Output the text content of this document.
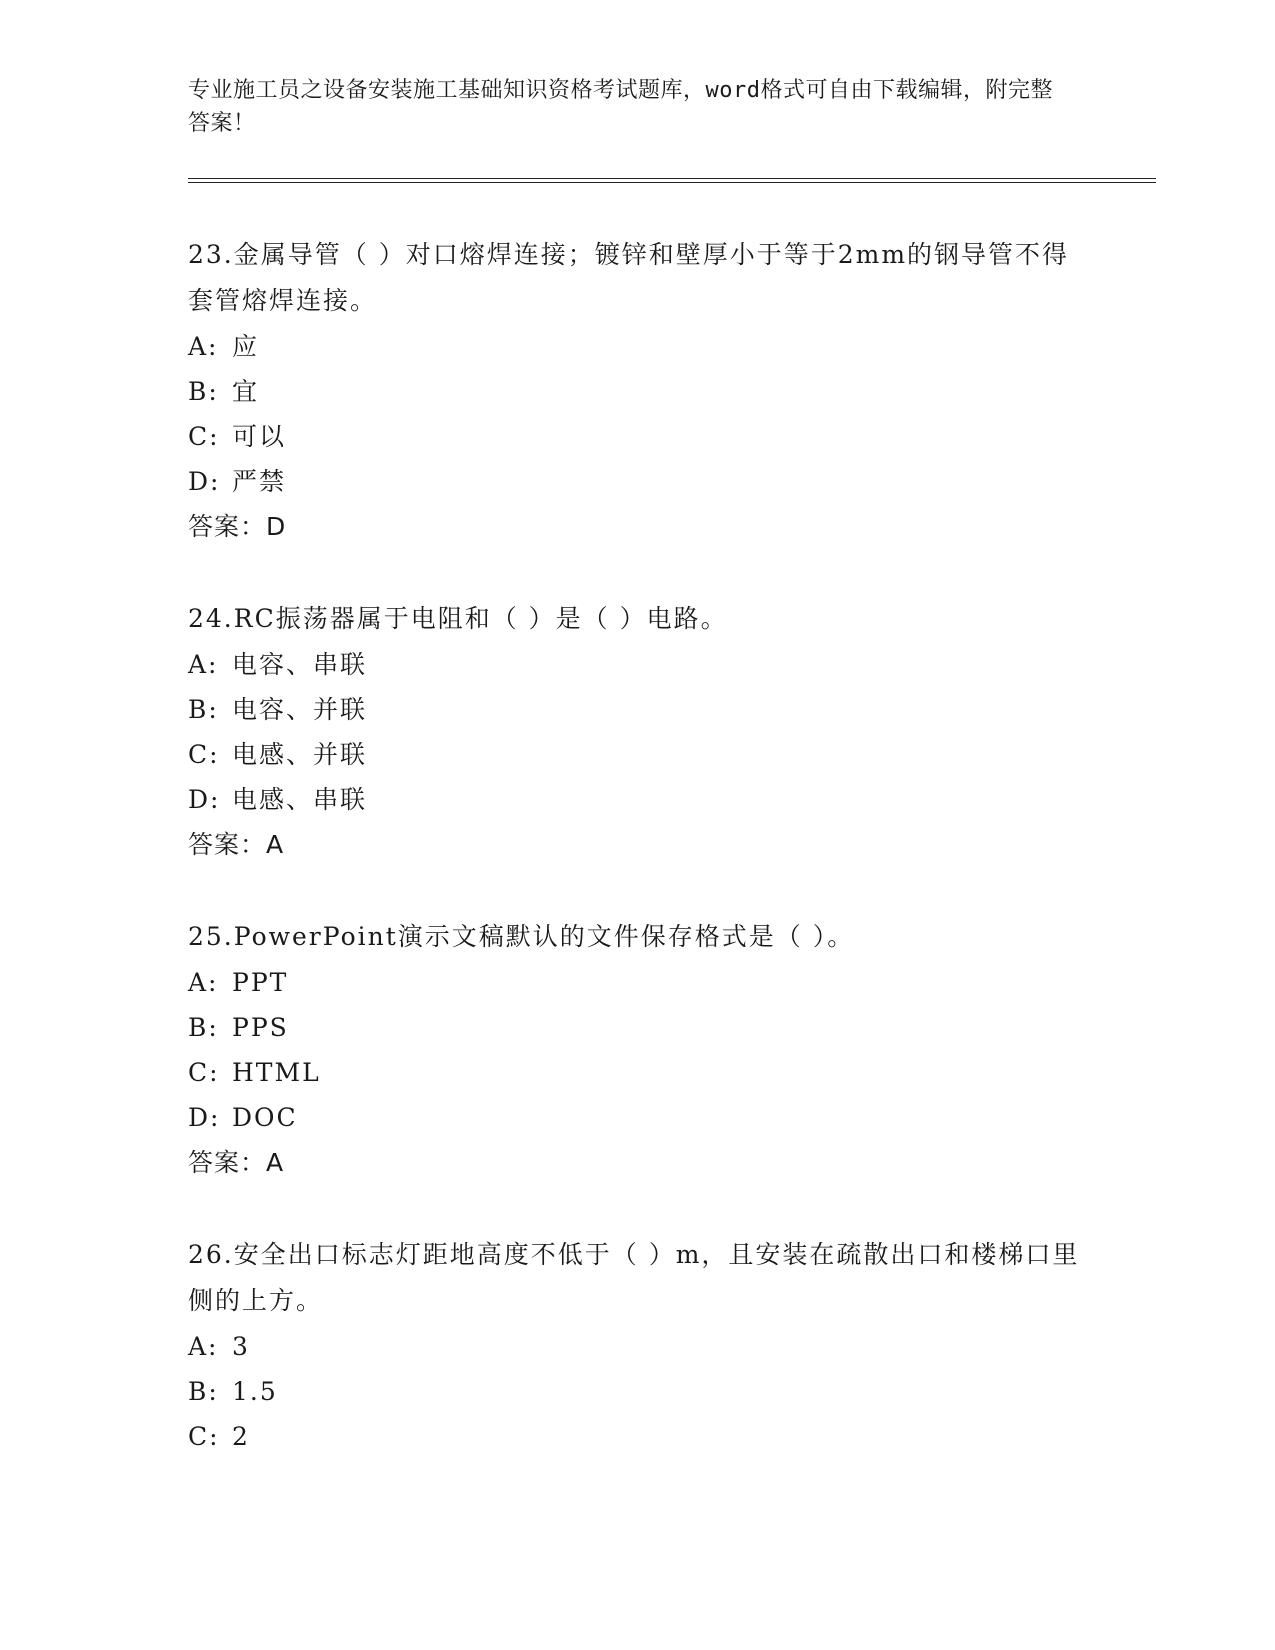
专业施工员之设备安装施工基础知识资格考试题库，word格式可自由下载编辑，附完整答案！

23.金属导管（ ）对口熔焊连接；镀锌和壁厚小于等于2mm的钢导管不得套管熔焊连接。

A: 应

B: 宜

C: 可以

D: 严禁

答案：D

24.RC振荡器属于电阻和（ ）是（ ）电路。

A: 电容、串联

B: 电容、并联

C: 电感、并联

D: 电感、串联

答案：A

25.PowerPoint演示文稿默认的文件保存格式是（ ）。

A: PPT

B: PPS

C: HTML

D: DOC

答案：A

26.安全出口标志灯距地高度不低于（ ）m，且安装在疏散出口和楼梯口里侧的上方。

A: 3

B: 1.5

C: 2
